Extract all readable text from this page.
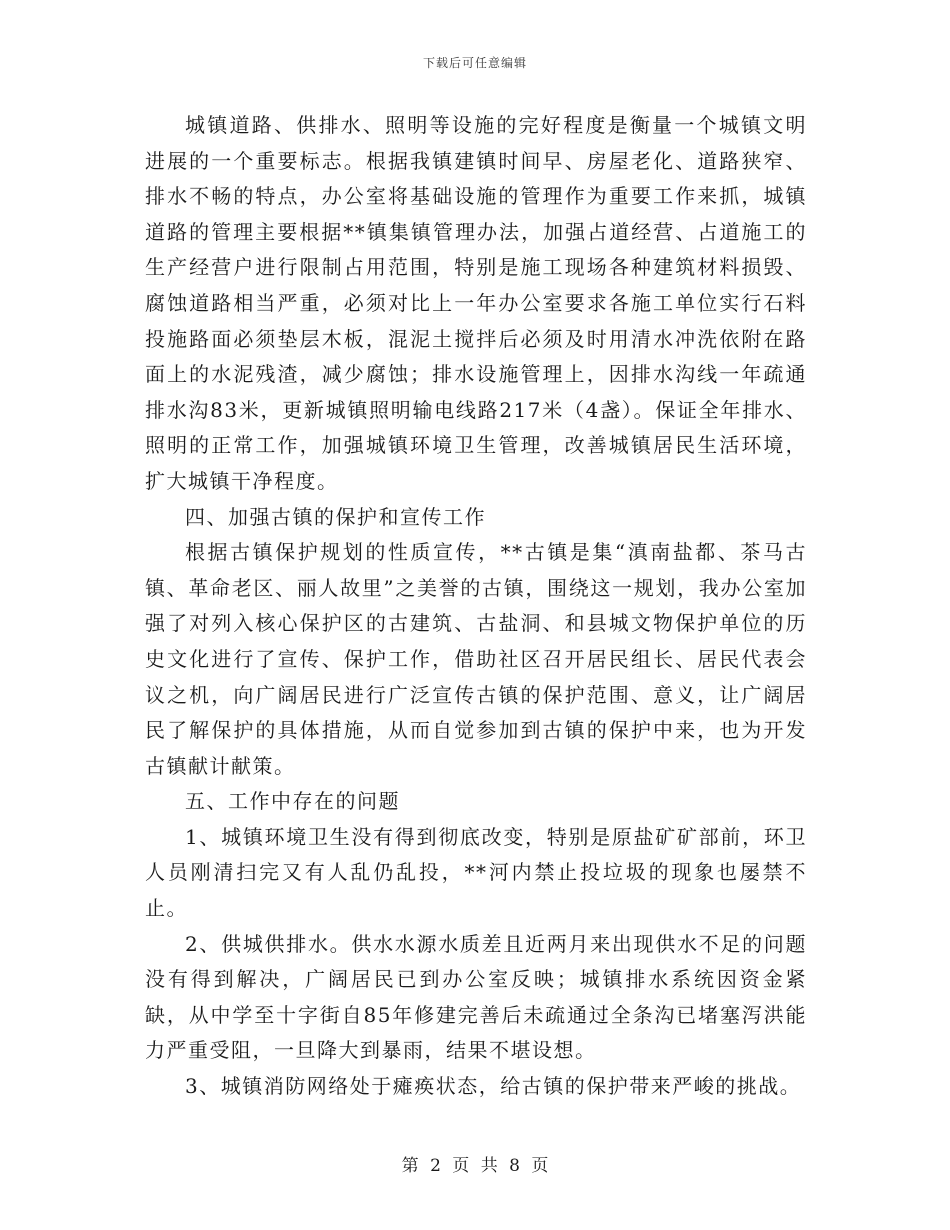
下载后可任意编辑

城镇道路、供排水、照明等设施的完好程度是衡量一个城镇文明进展的一个重要标志。根据我镇建镇时间早、房屋老化、道路狭窄、排水不畅的特点，办公室将基础设施的管理作为重要工作来抓，城镇道路的管理主要根据**镇集镇管理办法，加强占道经营、占道施工的生产经营户进行限制占用范围，特别是施工现场各种建筑材料损毁、腐蚀道路相当严重，必须对比上一年办公室要求各施工单位实行石料投施路面必须垫层木板，混泥土搅拌后必须及时用清水冲洗依附在路面上的水泥残渣，减少腐蚀；排水设施管理上，因排水沟线一年疏通排水沟83米，更新城镇照明输电线路217米（4盏）。保证全年排水、照明的正常工作，加强城镇环境卫生管理，改善城镇居民生活环境，扩大城镇干净程度。

四、加强古镇的保护和宣传工作

根据古镇保护规划的性质宣传，**古镇是集“滇南盐都、茶马古镇、革命老区、丽人故里”之美誉的古镇，围绕这一规划，我办公室加强了对列入核心保护区的古建筑、古盐洞、和县城文物保护单位的历史文化进行了宣传、保护工作，借助社区召开居民组长、居民代表会议之机，向广阔居民进行广泛宣传古镇的保护范围、意义，让广阔居民了解保护的具体措施，从而自觉参加到古镇的保护中来，也为开发古镇献计献策。

五、工作中存在的问题

1、城镇环境卫生没有得到彻底改变，特别是原盐矿矿部前，环卫人员刚清扫完又有人乱仍乱投，**河内禁止投垃圾的现象也屡禁不止。

2、供城供排水。供水水源水质差且近两月来出现供水不足的问题没有得到解决，广阔居民已到办公室反映；城镇排水系统因资金紧缺，从中学至十字街自85年修建完善后未疏通过全条沟已堵塞泻洪能力严重受阻，一旦降大到暴雨，结果不堪设想。

3、城镇消防网络处于瘫痪状态，给古镇的保护带来严峻的挑战。

第 2 页 共 8 页
